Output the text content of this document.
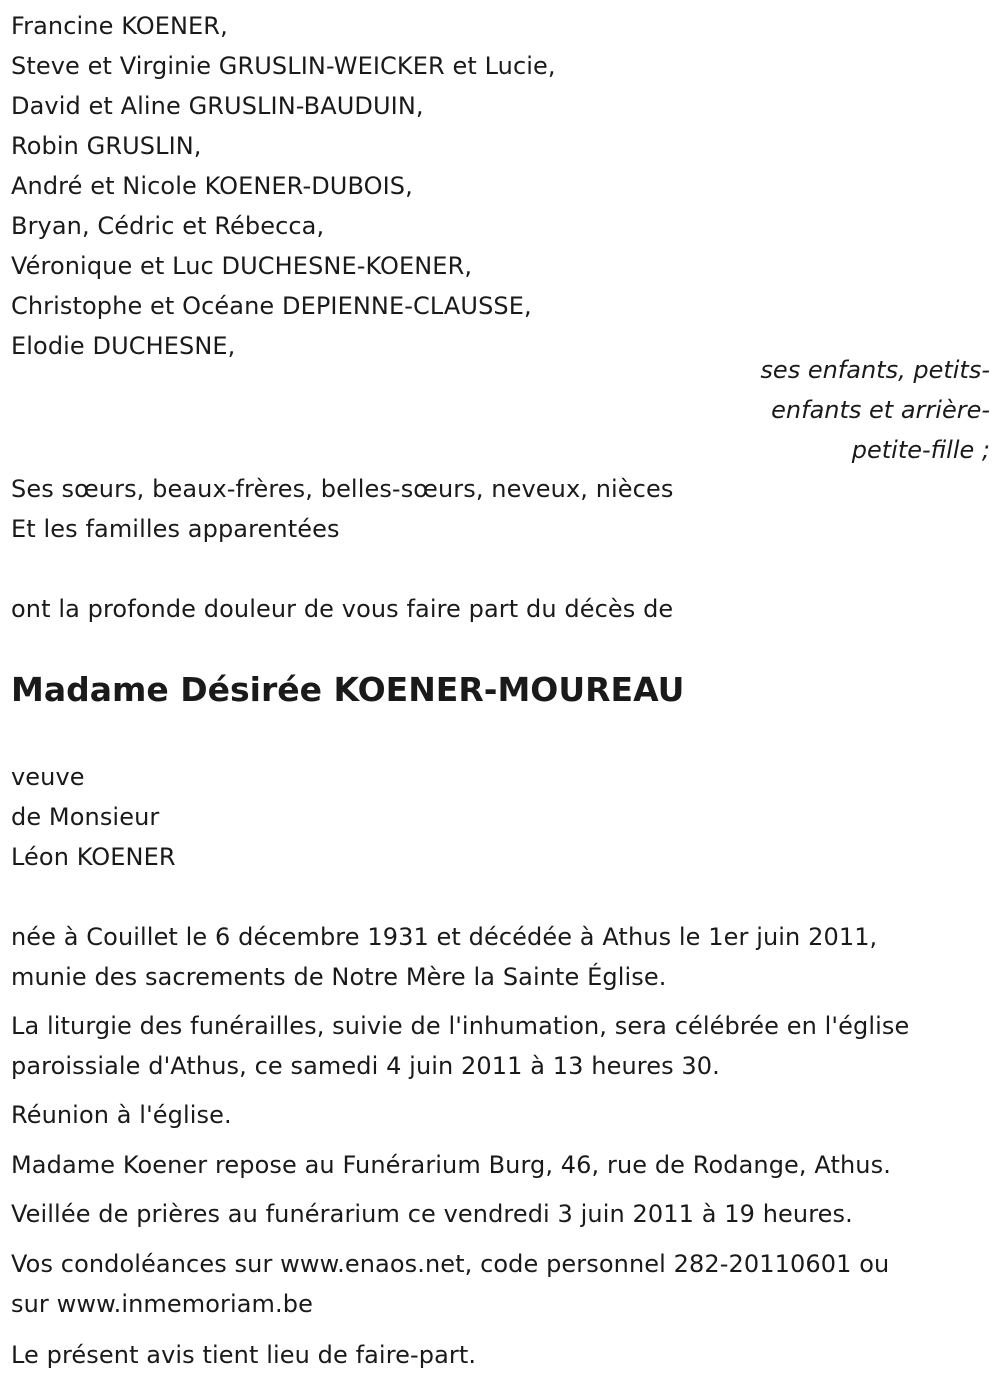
Francine KOENER,
Steve et Virginie GRUSLIN-WEICKER et Lucie,
David et Aline GRUSLIN-BAUDUIN,
Robin GRUSLIN,
André et Nicole KOENER-DUBOIS,
Bryan, Cédric et Rébecca,
Véronique et Luc DUCHESNE-KOENER,
Christophe et Océane DEPIENNE-CLAUSSE,
Elodie DUCHESNE,
ses enfants, petits-
enfants et arrière-
petite-fille ;
Ses sœurs, beaux-frères, belles-sœurs, neveux, nièces
Et les familles apparentées
ont la profonde douleur de vous faire part du décès de
Madame Désirée KOENER-MOUREAU
veuve
de Monsieur
Léon KOENER
née à Couillet le 6 décembre 1931 et décédée à Athus le 1er juin 2011,
munie des sacrements de Notre Mère la Sainte Église.
La liturgie des funérailles, suivie de l'inhumation, sera célébrée en l'église
paroissiale d'Athus, ce samedi 4 juin 2011 à 13 heures 30.
Réunion à l'église.
Madame Koener repose au Funérarium Burg, 46, rue de Rodange, Athus.
Veillée de prières au funérarium ce vendredi 3 juin 2011 à 19 heures.
Vos condoléances sur www.enaos.net, code personnel 282-20110601 ou
sur www.inmemoriam.be
Le présent avis tient lieu de faire-part.
